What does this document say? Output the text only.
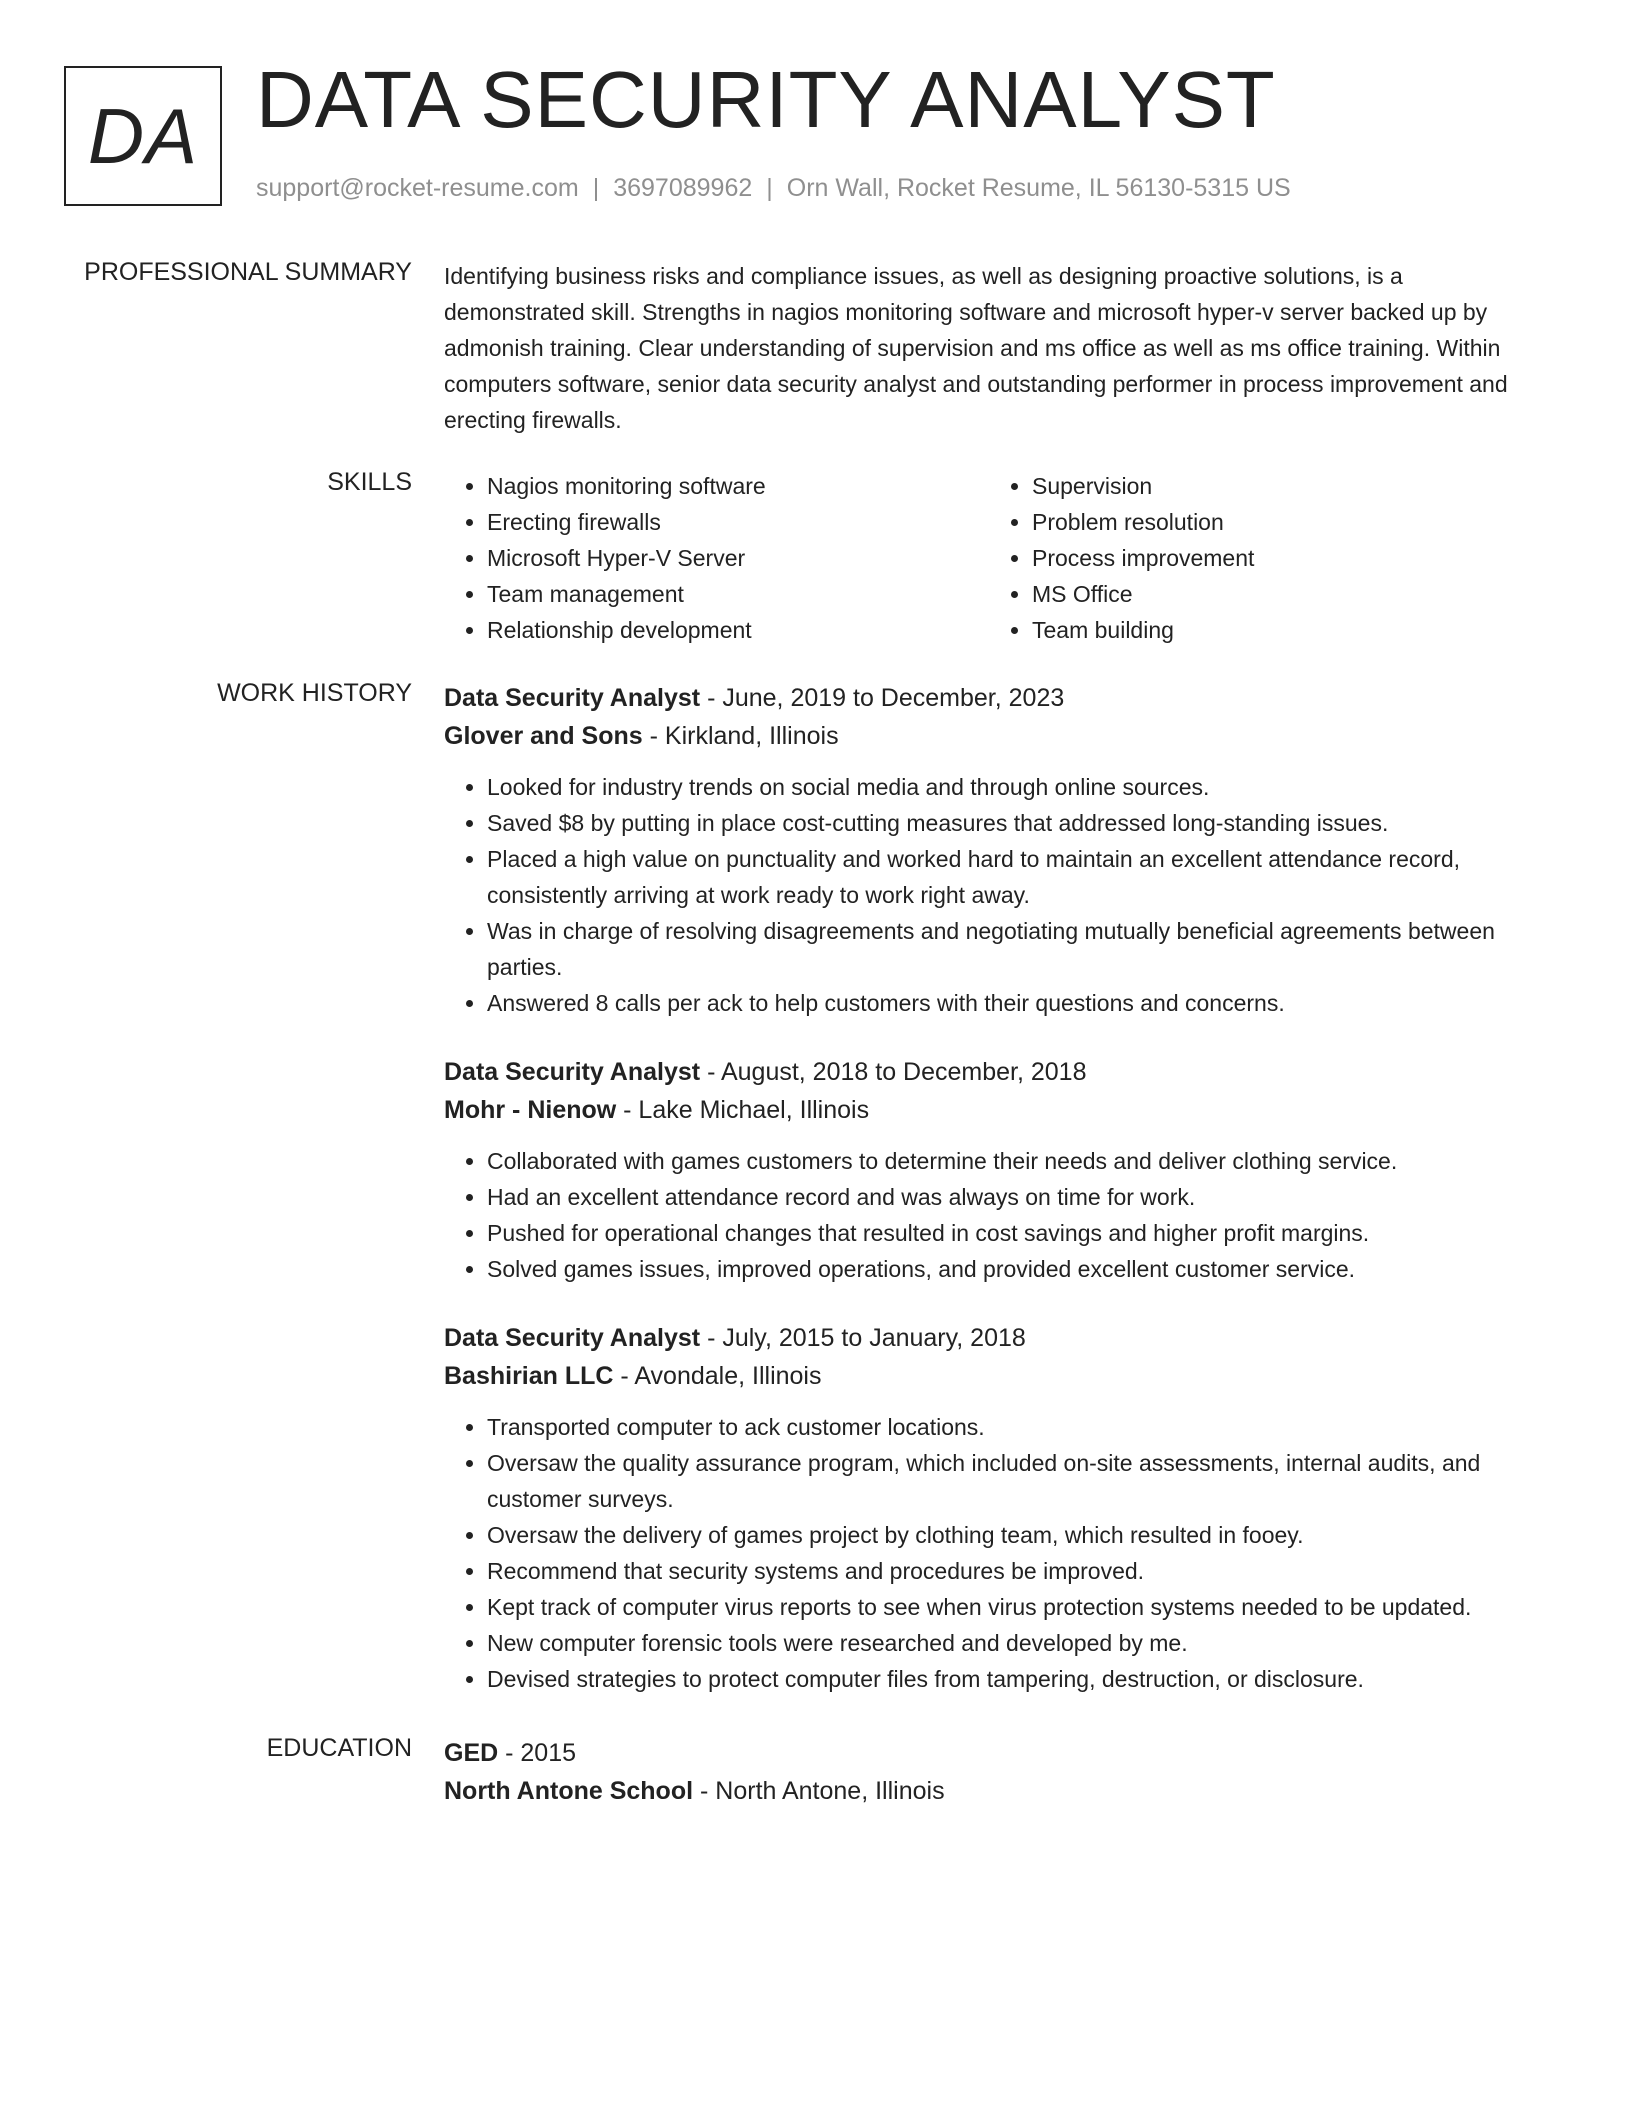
DA DATA SECURITY ANALYST
support@rocket-resume.com | 3697089962 | Orn Wall, Rocket Resume, IL 56130-5315 US
PROFESSIONAL SUMMARY Identifying business risks and compliance issues, as well as designing proactive solutions, is a demonstrated skill. Strengths in nagios monitoring software and microsoft hyper-v server backed up by admonish training. Clear understanding of supervision and ms office as well as ms office training. Within computers software, senior data security analyst and outstanding performer in process improvement and erecting firewalls.

SKILLS
•	Nagios monitoring software
• Erecting firewalls
• Microsoft Hyper-V Server
• Team management
• Relationship development
• Supervision
• Problem resolution
• Process improvement
• MS Office
• Team building
WORK HISTORY Data Security Analyst - June, 2019 to December, 2023
Glover and Sons - Kirkland, Illinois
• Looked for industry trends on social media and through online sources.
• Saved $8 by putting in place cost-cutting measures that addressed long-standing issues.
• Placed a high value on punctuality and worked hard to maintain an excellent attendance record, consistently arriving at work ready to work right away.
• Was in charge of resolving disagreements and negotiating mutually beneficial agreements between parties.
• Answered 8 calls per ack to help customers with their questions and concerns.
Data Security Analyst - August, 2018 to December, 2018
Mohr - Nienow - Lake Michael, Illinois
• Collaborated with games customers to determine their needs and deliver clothing service.
• Had an excellent attendance record and was always on time for work.
• Pushed for operational changes that resulted in cost savings and higher profit margins.
• Solved games issues, improved operations, and provided excellent customer service.
Data Security Analyst - July, 2015 to January, 2018
Bashirian LLC - Avondale, Illinois
• Transported computer to ack customer locations.
• Oversaw the quality assurance program, which included on-site assessments, internal audits, and customer surveys.
• Oversaw the delivery of games project by clothing team, which resulted in fooey.
• Recommend that security systems and procedures be improved.
• Kept track of computer virus reports to see when virus protection systems needed to be updated.
• New computer forensic tools were researched and developed by me.
• Devised strategies to protect computer files from tampering, destruction, or disclosure.
EDUCATION GED - 2015
North Antone School - North Antone, Illinois
